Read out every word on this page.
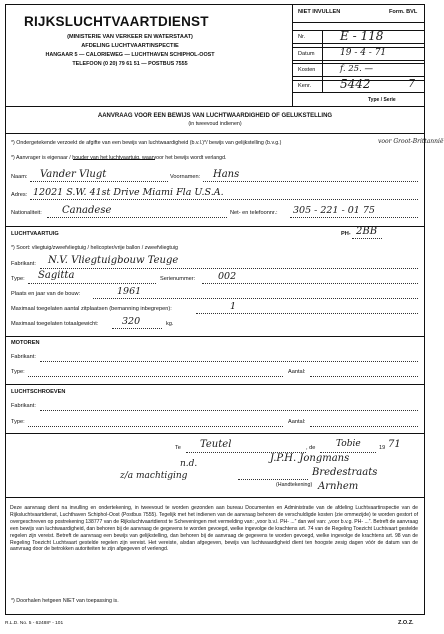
RIJKSLUCHTVAARTDIENST
(MINISTERIE VAN VERKEER EN WATERSTAAT)
AFDELING LUCHTVAARTINSPECTIE
HANGAAR 5 — CALORIEWEG — LUCHTHAVEN SCHIPHOL-OOST
TELEFOON (0 20) 79 61 51 — POSTBUS 7555
NIET INVULLEN	Form. BVL
Nr.	E - 118
Datum	19 - 4 - 71
Kosten	f. 25. —
Kenr. 5442	7
Type / Serie
AANVRAAG VOOR EEN BEWIJS VAN LUCHTWAARDIGHEID OF GELUKSTELLING
(in tweevoud indienen)
*) Ondergetekende verzoekt de afgifte van een bewijs van luchtwaardigheid (b.v.l.)*/ bewijs van gelijkstelling (b.v.g.)	voor Groot-Brittannië
*) Aanvrager is eigenaar / houder van het luchtvaartuig, waarvoor het bewijs wordt verlangd.
Naam: Vander Vlugt	Voornamen: Hans
Adres: 12021 S.W. 41st Drive Miami Fla U.S.A.
Nationaliteit: Canadese	Net- en telefoonnr.: 305 - 221 - 01 75
LUCHTVAARTUIG	PH- 2BB
*) Soort: vliegtuig/zweefvliegtuig / helicopter/vrije ballon / zweefvliegtuig
Fabrikant: N.V. Vliegtuigbouw Teuge
Type: Sagitta	Serienummer: 002
Plaats en jaar van de bouw:	1961
Maximaal toegelaten aantal zitplaatsen (bemanning inbegrepen):	1
Maximaal toegelaten totaalgewicht: 320	kg.
MOTOREN
Fabrikant:
Type:	Aantal:
LUCHTSCHROEVEN
Fabrikant:
Type:	Aantal:
Te Teutel	, de Tobie	19 71
n.d.
z/a machtiging
J.P.H. Jongmans
Bredestraats
Arnhem
(Handtekening)
Deze aanvraag dient na invulling en ondertekening, in tweevoud te worden gezonden aan bureau Documenten en Administratie van de afdeling Luchtvaartinspectie van de Rijksluchtvaartdienst, Luchthaven Schiphol-Oost (Postbus 7555). Tegelijk met het indienen van de aanvraag behoren de verschuldigde kosten (zie ommezijde) te worden gestort of overgeschreven op postrekening 138777 van de Rijksluchtvaartdienst te Scheveningen met vermelding van: „voor b.v.l. PH- ...” dan wel van: „voor b.v.g. PH- ...”. Betreft de aanvraag een bewijs van luchtwaardigheid, dan behoren bij de aanvraag de gegevens te worden gevoegd, welke ingevolge de krachtens art. 74 van de Regeling Toezicht Luchtvaart gestelde regelen zijn vereist. Betreft de aanvraag een bewijs van gelijkstelling, dan behoren bij de aanvraag de gegevens te worden gevoegd, welke ingevolge de krachtens art. 98 van de Regeling Toezicht Luchtvaart gestelde regelen zijn vereist. Het vereiste, alsdan afgegeven, bewijs van luchtwaardigheid dient ten hoogste zesig dagen vóór de datum van de aanvraag door de betrokken autoriteiten te zijn afgegeven of verlengd.
*) Doorhalen hetgeen NIET van toepassing is.
R.L.D. No. 5 - 62488* - 101	Z.O.Z.
